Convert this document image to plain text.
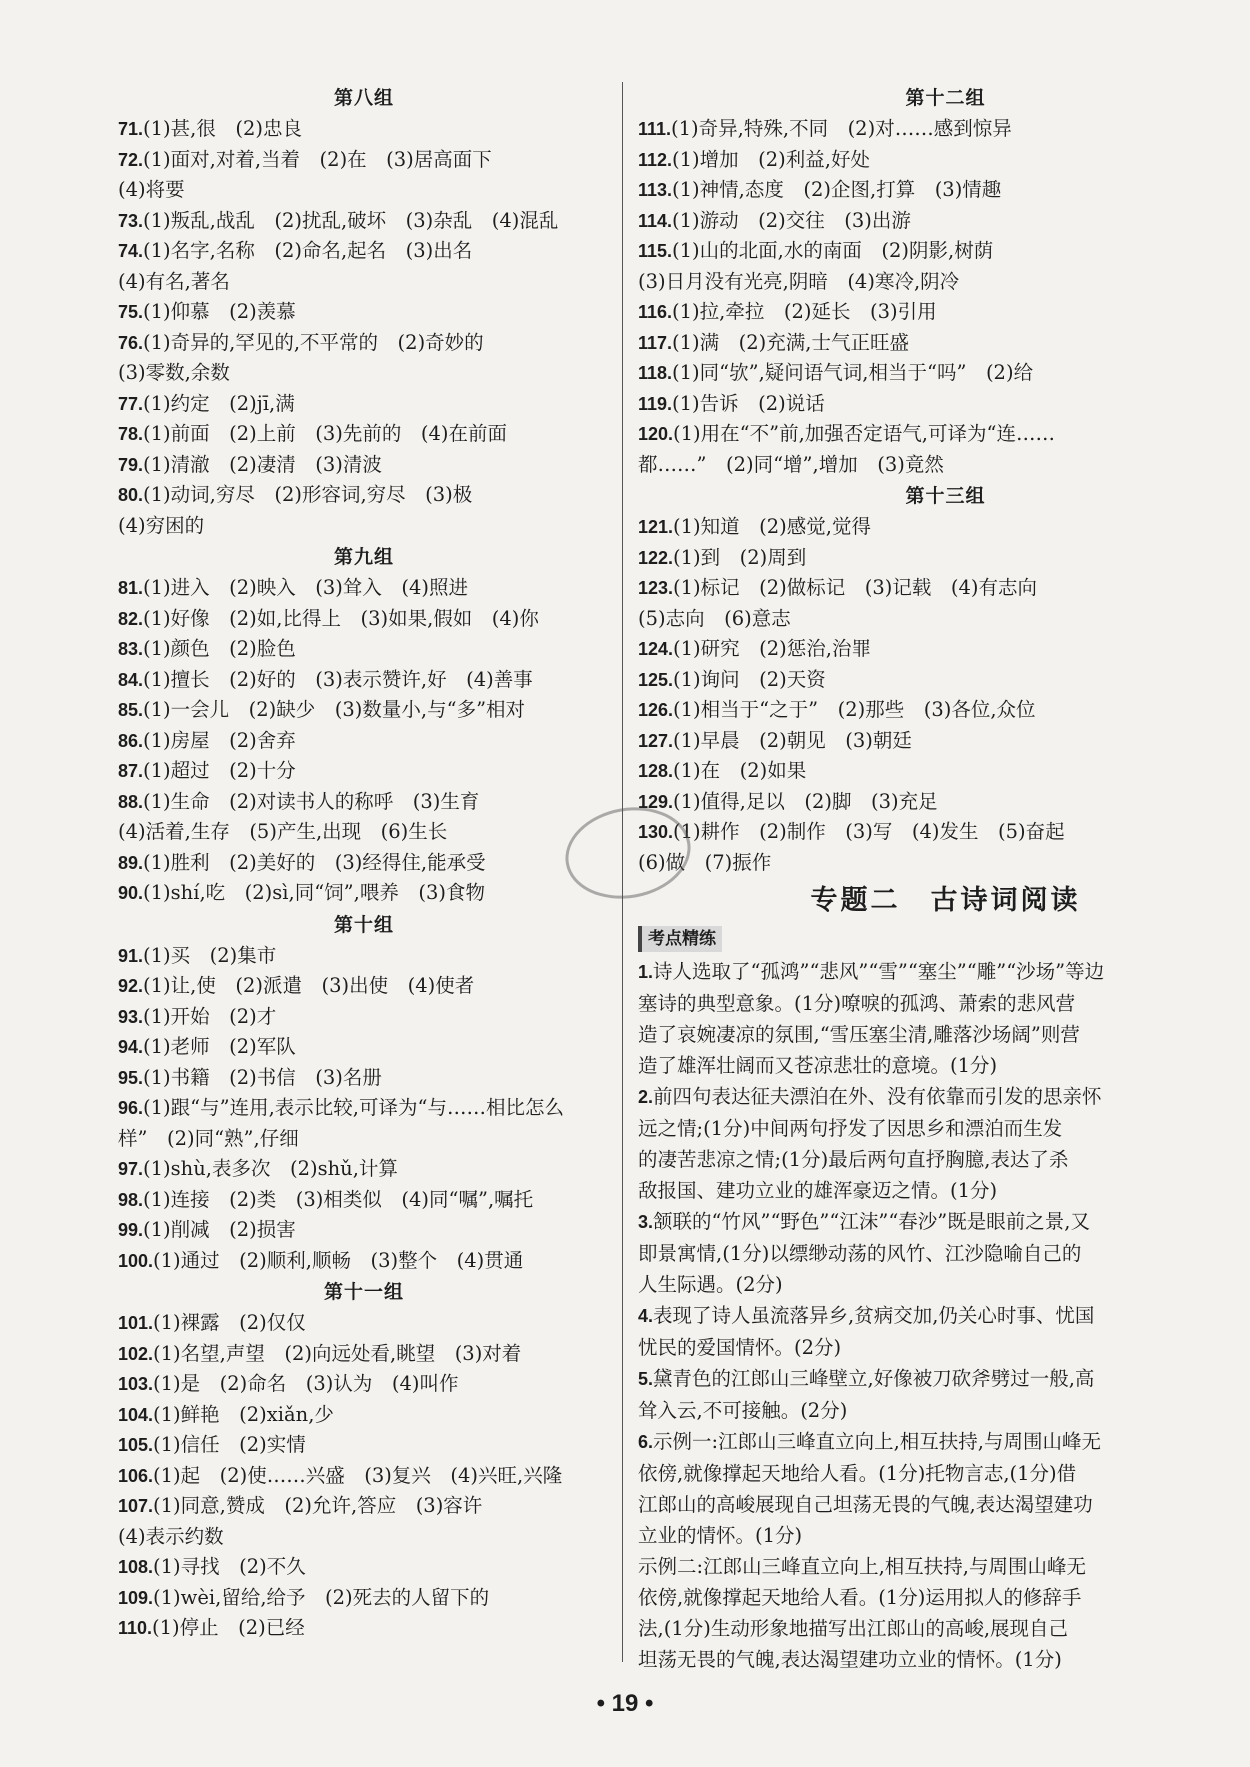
第八组
71.(1)甚,很　(2)忠良
72.(1)面对,对着,当着　(2)在　(3)居高面下
(4)将要
73.(1)叛乱,战乱　(2)扰乱,破坏　(3)杂乱　(4)混乱
74.(1)名字,名称　(2)命名,起名　(3)出名
(4)有名,著名
75.(1)仰慕　(2)羡慕
76.(1)奇异的,罕见的,不平常的　(2)奇妙的
(3)零数,余数
77.(1)约定　(2)jī,满
78.(1)前面　(2)上前　(3)先前的　(4)在前面
79.(1)清澈　(2)凄清　(3)清波
80.(1)动词,穷尽　(2)形容词,穷尽　(3)极
(4)穷困的
第九组
81.(1)进入　(2)映入　(3)耸入　(4)照进
82.(1)好像　(2)如,比得上　(3)如果,假如　(4)你
83.(1)颜色　(2)脸色
84.(1)擅长　(2)好的　(3)表示赞许,好　(4)善事
85.(1)一会儿　(2)缺少　(3)数量小,与“多”相对
86.(1)房屋　(2)舍弃
87.(1)超过　(2)十分
88.(1)生命　(2)对读书人的称呼　(3)生育
(4)活着,生存　(5)产生,出现　(6)生长
89.(1)胜利　(2)美好的　(3)经得住,能承受
90.(1)shí,吃　(2)sì,同“饲”,喂养　(3)食物
第十组
91.(1)买　(2)集市
92.(1)让,使　(2)派遣　(3)出使　(4)使者
93.(1)开始　(2)才
94.(1)老师　(2)军队
95.(1)书籍　(2)书信　(3)名册
96.(1)跟“与”连用,表示比较,可译为“与……相比怎么
样”　(2)同“熟”,仔细
97.(1)shù,表多次　(2)shǔ,计算
98.(1)连接　(2)类　(3)相类似　(4)同“嘱”,嘱托
99.(1)削减　(2)损害
100.(1)通过　(2)顺利,顺畅　(3)整个　(4)贯通
第十一组
101.(1)裸露　(2)仅仅
102.(1)名望,声望　(2)向远处看,眺望　(3)对着
103.(1)是　(2)命名　(3)认为　(4)叫作
104.(1)鲜艳　(2)xiǎn,少
105.(1)信任　(2)实情
106.(1)起　(2)使……兴盛　(3)复兴　(4)兴旺,兴隆
107.(1)同意,赞成　(2)允许,答应　(3)容许
(4)表示约数
108.(1)寻找　(2)不久
109.(1)wèi,留给,给予　(2)死去的人留下的
110.(1)停止　(2)已经
第十二组
111.(1)奇异,特殊,不同　(2)对……感到惊异
112.(1)增加　(2)利益,好处
113.(1)神情,态度　(2)企图,打算　(3)情趣
114.(1)游动　(2)交往　(3)出游
115.(1)山的北面,水的南面　(2)阴影,树荫
(3)日月没有光亮,阴暗　(4)寒冷,阴冷
116.(1)拉,牵拉　(2)延长　(3)引用
117.(1)满　(2)充满,士气正旺盛
118.(1)同“欤”,疑问语气词,相当于“吗”　(2)给
119.(1)告诉　(2)说话
120.(1)用在“不”前,加强否定语气,可译为“连……
都……”　(2)同“增”,增加　(3)竟然
第十三组
121.(1)知道　(2)感觉,觉得
122.(1)到　(2)周到
123.(1)标记　(2)做标记　(3)记载　(4)有志向
(5)志向　(6)意志
124.(1)研究　(2)惩治,治罪
125.(1)询问　(2)天资
126.(1)相当于“之于”　(2)那些　(3)各位,众位
127.(1)早晨　(2)朝见　(3)朝廷
128.(1)在　(2)如果
129.(1)值得,足以　(2)脚　(3)充足
130.(1)耕作　(2)制作　(3)写　(4)发生　(5)奋起
(6)做　(7)振作
专题二　古诗词阅读
考点精练
1.诗人选取了“孤鸿”“悲风”“雪”“塞尘”“雕”“沙场”等边
塞诗的典型意象。(1分)嘹唳的孤鸿、萧索的悲风营
造了哀婉凄凉的氛围,“雪压塞尘清,雕落沙场阔”则营
造了雄浑壮阔而又苍凉悲壮的意境。(1分)
2.前四句表达征夫漂泊在外、没有依靠而引发的思亲怀
远之情;(1分)中间两句抒发了因思乡和漂泊而生发
的凄苦悲凉之情;(1分)最后两句直抒胸臆,表达了杀
敌报国、建功立业的雄浑豪迈之情。(1分)
3.颔联的“竹风”“野色”“江沫”“春沙”既是眼前之景,又
即景寓情,(1分)以缥缈动荡的风竹、江沙隐喻自己的
人生际遇。(2分)
4.表现了诗人虽流落异乡,贫病交加,仍关心时事、忧国
忧民的爱国情怀。(2分)
5.黛青色的江郎山三峰壁立,好像被刀砍斧劈过一般,高
耸入云,不可接触。(2分)
6.示例一:江郎山三峰直立向上,相互扶持,与周围山峰无
依傍,就像撑起天地给人看。(1分)托物言志,(1分)借
江郎山的高峻展现自己坦荡无畏的气魄,表达渴望建功
立业的情怀。(1分)
示例二:江郎山三峰直立向上,相互扶持,与周围山峰无
依傍,就像撑起天地给人看。(1分)运用拟人的修辞手
法,(1分)生动形象地描写出江郎山的高峻,展现自己
坦荡无畏的气魄,表达渴望建功立业的情怀。(1分)
• 19 •
